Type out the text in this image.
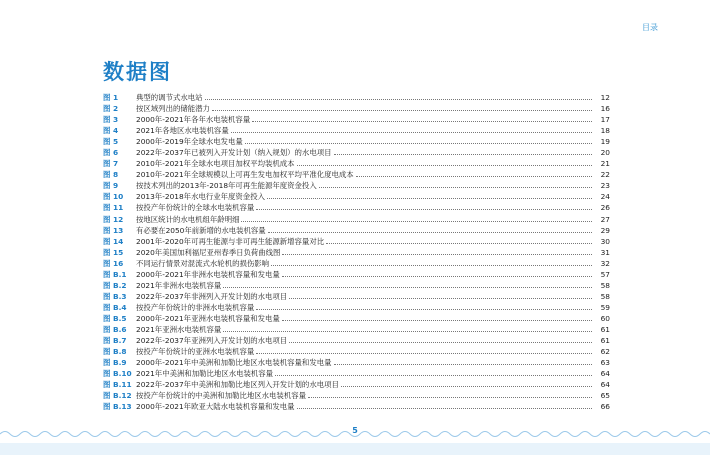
目录
数据图
图 1	典型的调节式水电站	12
图 2	按区域列出的储能潜力	16
图 3	2000年-2021年各年水电装机容量	17
图 4	2021年各地区水电装机容量	18
图 5	2000年-2019年全球水电发电量	19
图 6	2022年-2037年已被列入开发计划（纳入规划）的水电项目	20
图 7	2010年-2021年全球水电项目加权平均装机成本	21
图 8	2010年-2021年全球规模以上可再生发电加权平均平准化度电成本	22
图 9	按技术列出的2013年-2018年可再生能源年度资金投入	23
图 10	2013年-2018年水电行业年度资金投入	24
图 11	按投产年份统计的全球水电装机容量	26
图 12	按地区统计的水电机组年龄明细	27
图 13	有必要在2050年前新增的水电装机容量	29
图 14	2001年-2020年可再生能源与非可再生能源新增容量对比	30
图 15	2020年美国加利福尼亚州春季日负荷曲线图	31
图 16	不同运行情景对混流式水轮机的损伤影响	32
图 B.1	2000年-2021年非洲水电装机容量和发电量	57
图 B.2	2021年非洲水电装机容量	58
图 B.3	2022年-2037年非洲列入开发计划的水电项目	58
图 B.4	按投产年份统计的非洲水电装机容量	59
图 B.5	2000年-2021年亚洲水电装机容量和发电量	60
图 B.6	2021年亚洲水电装机容量	61
图 B.7	2022年-2037年亚洲列入开发计划的水电项目	61
图 B.8	按投产年份统计的亚洲水电装机容量	62
图 B.9	2000年-2021年中美洲和加勒比地区水电装机容量和发电量	63
图 B.10 2021年中美洲和加勒比地区水电装机容量	64
图 B.11 2022年-2037年中美洲和加勒比地区列入开发计划的水电项目	64
图 B.12 按投产年份统计的中美洲和加勒比地区水电装机容量	65
图 B.13 2000年-2021年欧亚大陆水电装机容量和发电量	66
5
